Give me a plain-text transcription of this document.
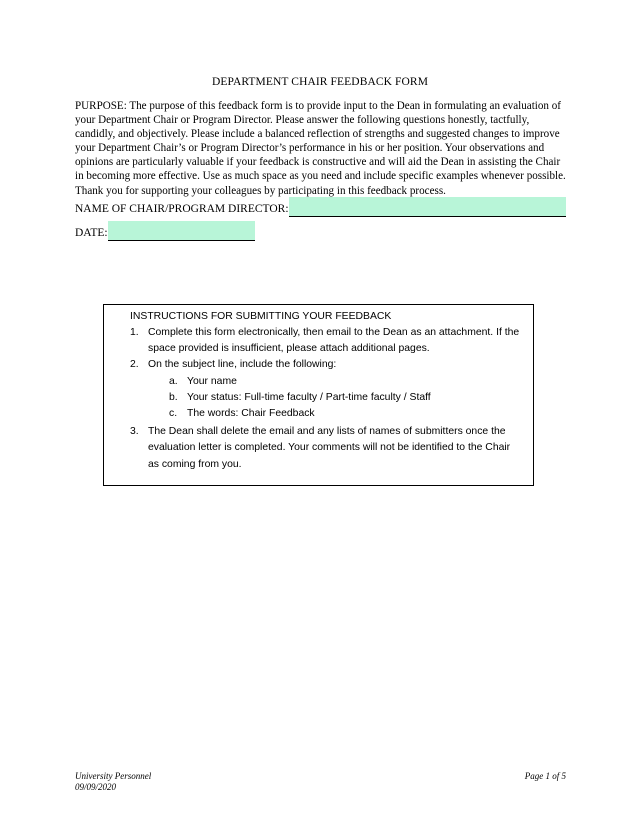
DEPARTMENT CHAIR FEEDBACK FORM
PURPOSE: The purpose of this feedback form is to provide input to the Dean in formulating an evaluation of your Department Chair or Program Director. Please answer the following questions honestly, tactfully, candidly, and objectively. Please include a balanced reflection of strengths and suggested changes to improve your Department Chair’s or Program Director’s performance in his or her position. Your observations and opinions are particularly valuable if your feedback is constructive and will aid the Dean in assisting the Chair in becoming more effective. Use as much space as you need and include specific examples whenever possible. Thank you for supporting your colleagues by participating in this feedback process.
NAME OF CHAIR/PROGRAM DIRECTOR:
DATE:
INSTRUCTIONS FOR SUBMITTING YOUR FEEDBACK
1. Complete this form electronically, then email to the Dean as an attachment. If the space provided is insufficient, please attach additional pages.
2. On the subject line, include the following:
a. Your name
b. Your status: Full-time faculty / Part-time faculty / Staff
c. The words: Chair Feedback
3. The Dean shall delete the email and any lists of names of submitters once the evaluation letter is completed. Your comments will not be identified to the Chair as coming from you.
University Personnel
09/09/2020
Page 1 of 5
